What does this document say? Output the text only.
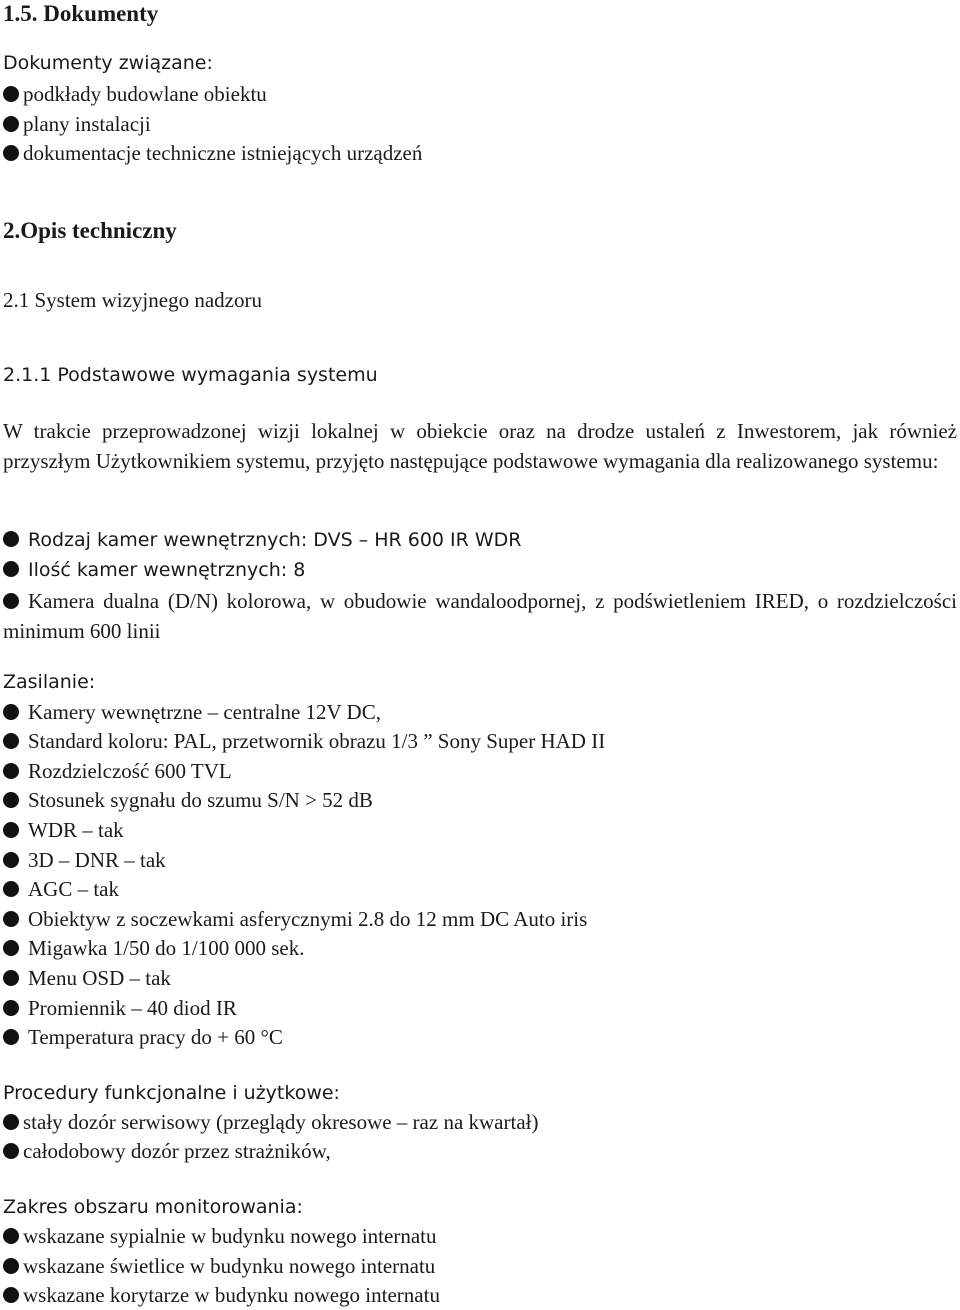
1.5. Dokumenty
Dokumenty związane:
podkłady budowlane obiektu
plany instalacji
dokumentacje techniczne istniejących urządzeń
2.Opis techniczny
2.1 System wizyjnego nadzoru
2.1.1 Podstawowe wymagania systemu
W trakcie przeprowadzonej wizji lokalnej w obiekcie oraz na drodze ustaleń z Inwestorem, jak również przyszłym Użytkownikiem systemu, przyjęto następujące podstawowe wymagania dla realizowanego systemu:
Rodzaj kamer wewnętrznych: DVS – HR 600 IR WDR
Ilość kamer wewnętrznych: 8
Kamera dualna (D/N) kolorowa, w obudowie wandaloodpornej, z podświetleniem IRED, o rozdzielczości minimum 600 linii
Zasilanie:
Kamery wewnętrzne – centralne 12V DC,
Standard koloru: PAL, przetwornik obrazu 1/3 ” Sony Super HAD II
Rozdzielczość 600 TVL
Stosunek sygnału do szumu S/N > 52 dB
WDR – tak
3D – DNR – tak
AGC – tak
Obiektyw z soczewkami asferycznymi 2.8 do 12 mm DC Auto iris
Migawka 1/50 do 1/100 000 sek.
Menu OSD – tak
Promiennik – 40 diod IR
Temperatura pracy do + 60 °C
Procedury funkcjonalne i użytkowe:
stały dozór serwisowy (przeglądy okresowe – raz na kwartał)
całodobowy dozór przez strażników,
Zakres obszaru monitorowania:
wskazane sypialnie w budynku nowego internatu
wskazane świetlice w budynku nowego internatu
wskazane korytarze w budynku nowego internatu
